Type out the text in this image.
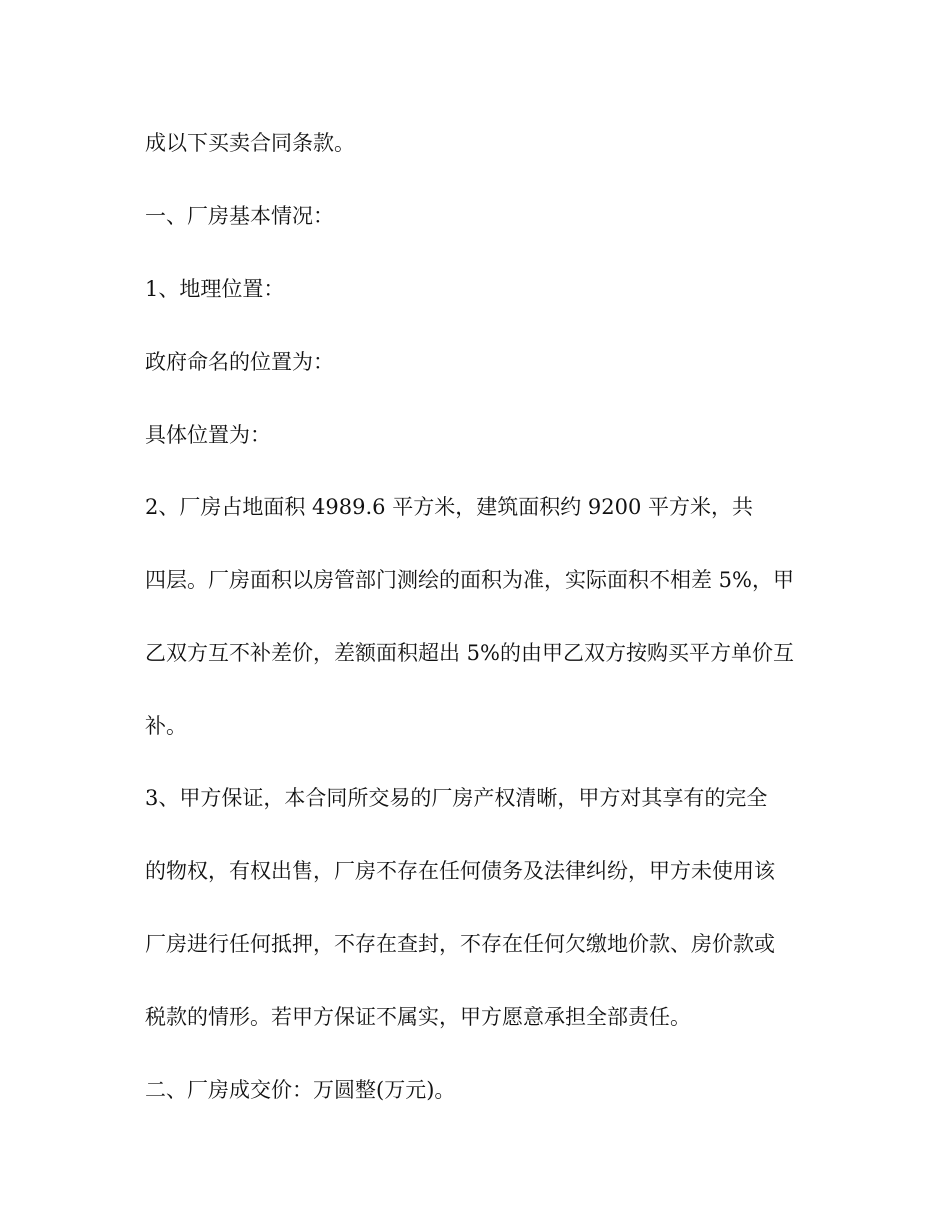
成以下买卖合同条款。

一、厂房基本情况：

1、地理位置：

政府命名的位置为：

具体位置为：

2、厂房占地面积 4989.6 平方米，建筑面积约 9200 平方米，共

四层。厂房面积以房管部门测绘的面积为准，实际面积不相差 5%，甲

乙双方互不补差价，差额面积超出 5%的由甲乙双方按购买平方单价互

补。

3、甲方保证，本合同所交易的厂房产权清晰，甲方对其享有的完全

的物权，有权出售，厂房不存在任何债务及法律纠纷，甲方未使用该

厂房进行任何抵押，不存在查封，不存在任何欠缴地价款、房价款或

税款的情形。若甲方保证不属实，甲方愿意承担全部责任。

二、厂房成交价：万圆整(万元)。
